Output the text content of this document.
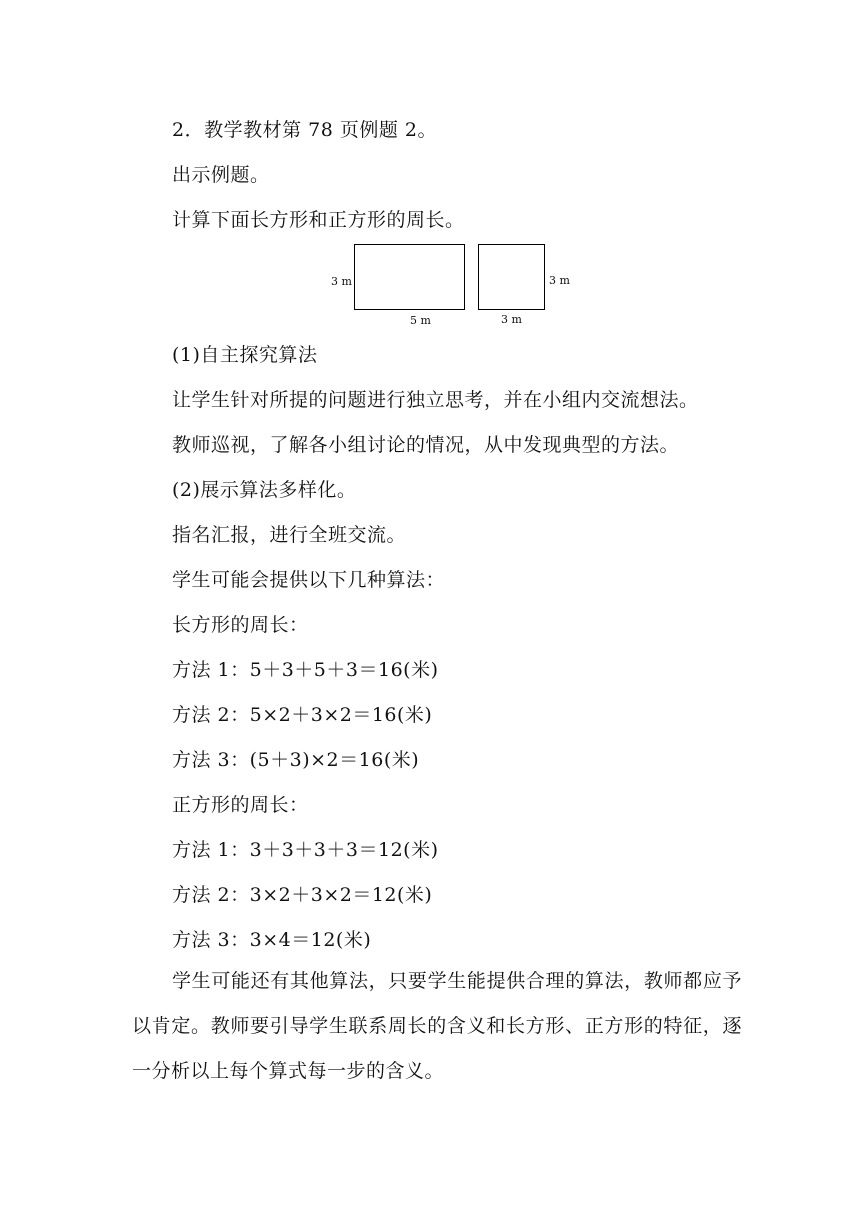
2．教学教材第 78 页例题 2。
出示例题。
计算下面长方形和正方形的周长。
3 m
5 m
3 m
3 m
(1)自主探究算法
让学生针对所提的问题进行独立思考，并在小组内交流想法。
教师巡视，了解各小组讨论的情况，从中发现典型的方法。
(2)展示算法多样化。
指名汇报，进行全班交流。
学生可能会提供以下几种算法：
长方形的周长：
方法 1：5＋3＋5＋3＝16(米)
方法 2：5×2＋3×2＝16(米)
方法 3：(5＋3)×2＝16(米)
正方形的周长：
方法 1：3＋3＋3＋3＝12(米)
方法 2：3×2＋3×2＝12(米)
方法 3：3×4＝12(米)
学生可能还有其他算法，只要学生能提供合理的算法，教师都应予以肯定。教师要引导学生联系周长的含义和长方形、正方形的特征，逐一分析以上每个算式每一步的含义。
